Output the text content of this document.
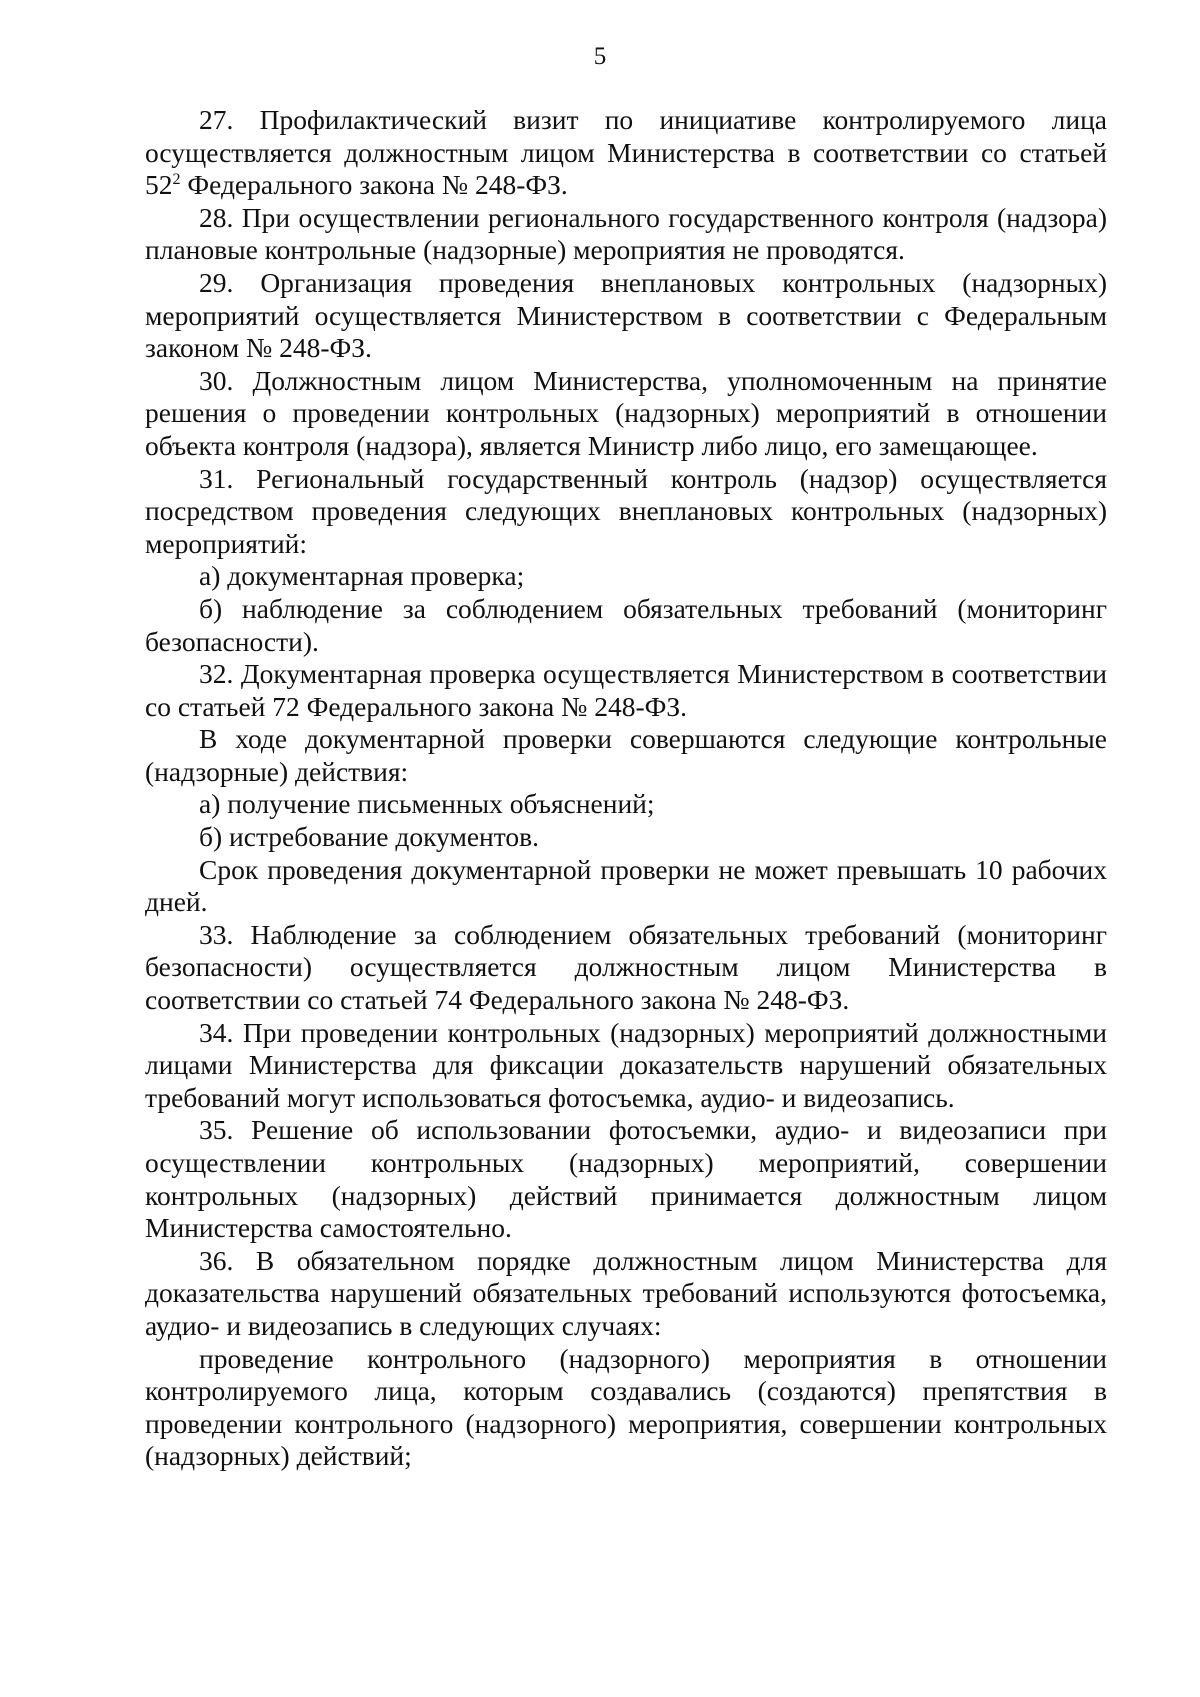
5

27. Профилактический визит по инициативе контролируемого лица осуществляется должностным лицом Министерства в соответствии со статьей $52^2$ Федерального закона № 248-ФЗ.

28. При осуществлении регионального государственного контроля (надзора) плановые контрольные (надзорные) мероприятия не проводятся.

29. Организация проведения внеплановых контрольных (надзорных) мероприятий осуществляется Министерством в соответствии с Федеральным законом № 248-ФЗ.

30. Должностным лицом Министерства, уполномоченным на принятие решения о проведении контрольных (надзорных) мероприятий в отношении объекта контроля (надзора), является Министр либо лицо, его замещающее.

31. Региональный государственный контроль (надзор) осуществляется посредством проведения следующих внеплановых контрольных (надзорных) мероприятий:

а) документарная проверка;

б) наблюдение за соблюдением обязательных требований (мониторинг безопасности).

32. Документарная проверка осуществляется Министерством в соответствии со статьей 72 Федерального закона № 248-ФЗ.

В ходе документарной проверки совершаются следующие контрольные (надзорные) действия:

а) получение письменных объяснений;

б) истребование документов.

Срок проведения документарной проверки не может превышать 10 рабочих дней.

33. Наблюдение за соблюдением обязательных требований (мониторинг безопасности) осуществляется должностным лицом Министерства в соответствии со статьей 74 Федерального закона № 248-ФЗ.

34. При проведении контрольных (надзорных) мероприятий должностными лицами Министерства для фиксации доказательств нарушений обязательных требований могут использоваться фотосъемка, аудио- и видеозапись.

35. Решение об использовании фотосъемки, аудио- и видеозаписи при осуществлении контрольных (надзорных) мероприятий, совершении контрольных (надзорных) действий принимается должностным лицом Министерства самостоятельно.

36. В обязательном порядке должностным лицом Министерства для доказательства нарушений обязательных требований используются фотосъемка, аудио- и видеозапись в следующих случаях:

проведение контрольного (надзорного) мероприятия в отношении контролируемого лица, которым создавались (создаются) препятствия в проведении контрольного (надзорного) мероприятия, совершении контрольных (надзорных) действий;
